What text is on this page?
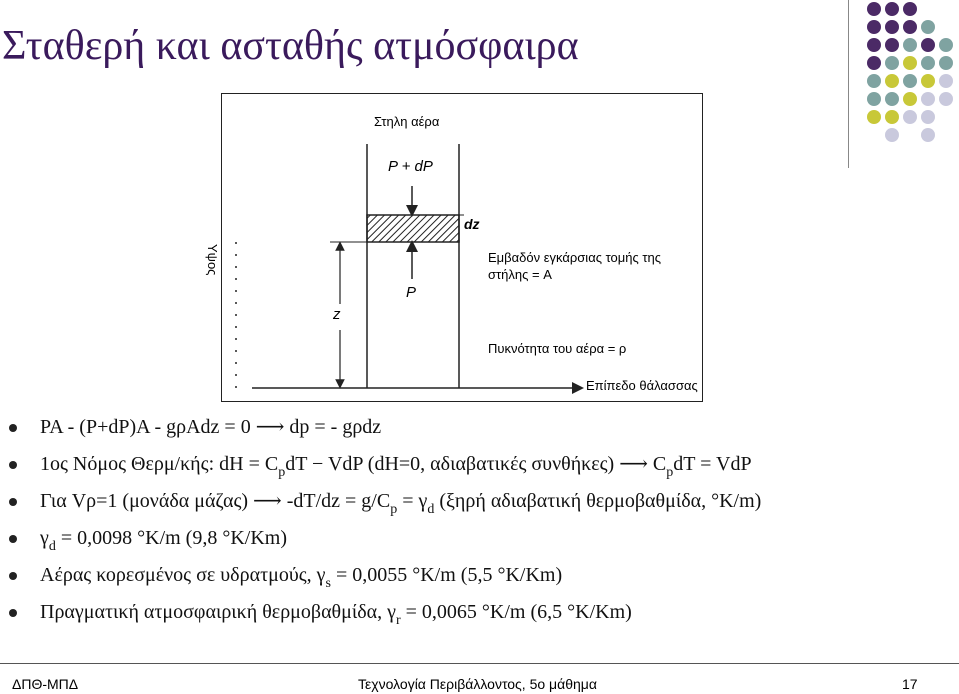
Σταθερή και ασταθής ατμόσφαιρα
Στηλη αέρα
P + dP
dz
P
Υψος
z
Εμβαδόν εγκάρσιας τομής της
στήλης = A
Πυκνότητα του αέρα = ρ
Επίπεδο θάλασσας
PA - (P+dP)A - gρAdz = 0 ⟶ dp = - gρdz
1ος Νόμος Θερμ/κής: dH = $C_pdT$ − VdP (dH=0, αδιαβατικές συνθήκες) ⟶ $C_pdT$ = VdP
Για Vρ=1 (μονάδα μάζας) ⟶ $-dT/dz = g/C_p = \gamma_d$ (ξηρή αδιαβατική θερμοβαθμίδα, °K/m)
$\gamma_d = 0,0098$ °K/m (9,8 °K/Km)
Αέρας κορεσμένος σε υδρατμούς, $\gamma_s = 0,0055$ °K/m (5,5 °K/Km)
Πραγματική ατμοσφαιρική θερμοβαθμίδα, $\gamma_r = 0,0065$ °K/m (6,5 °K/Km)
ΔΠΘ-ΜΠΔ	Τεχνολογία Περιβάλλοντος, 5ο μάθημα	17
